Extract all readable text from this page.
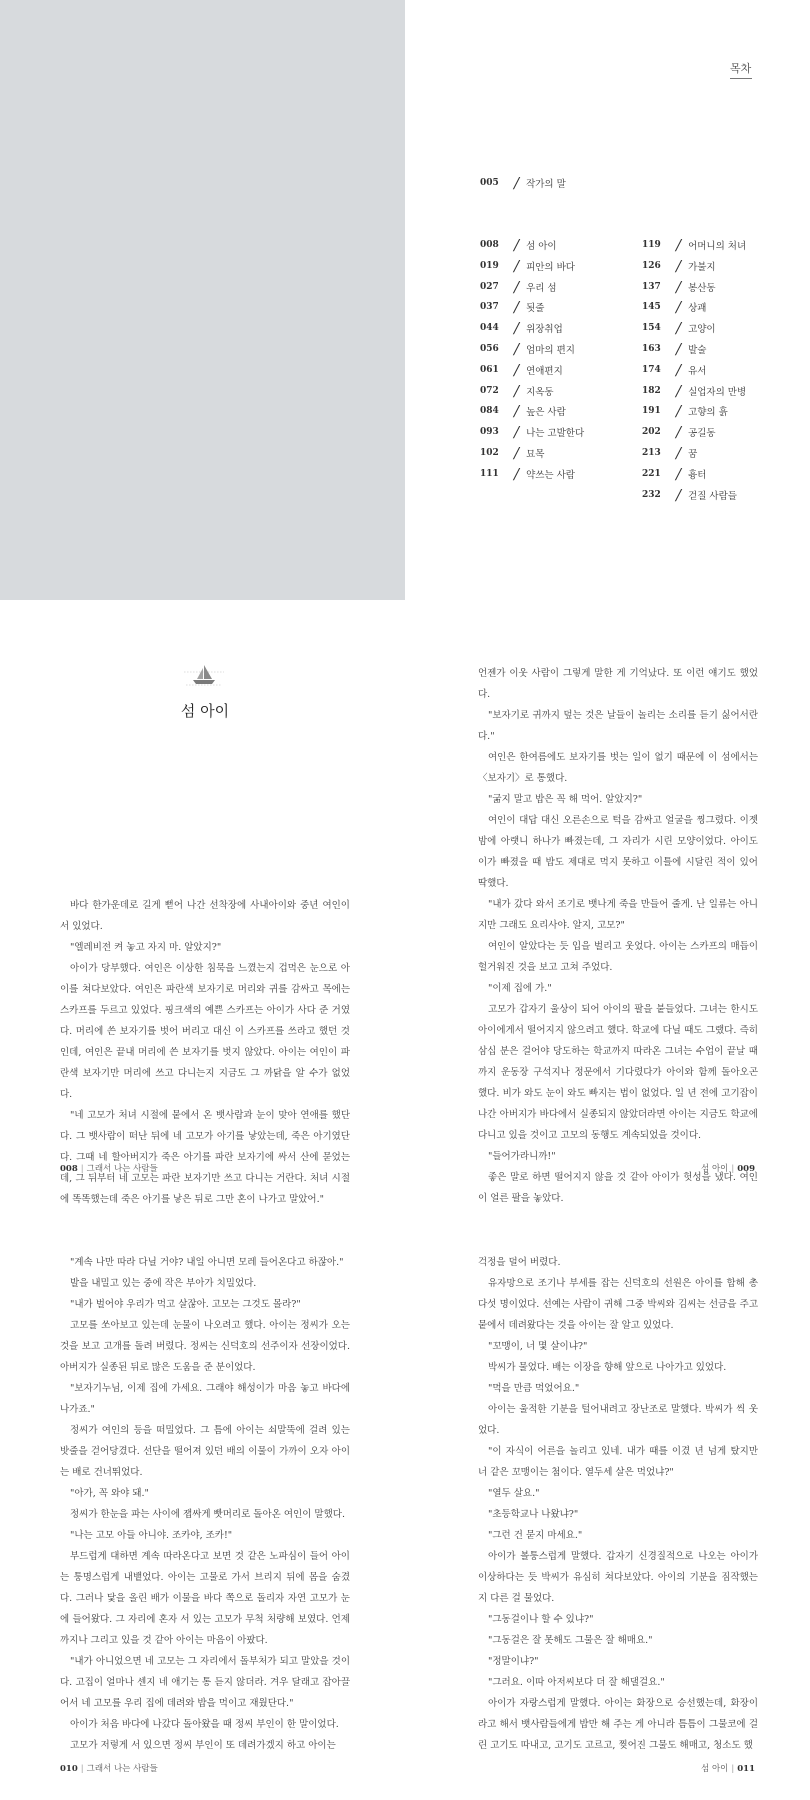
목차
005	/ 작가의 말
008	/ 섬 아이
019	/ 피안의 바다
027	/ 우리 섬
037	/ 됫줄
044	/ 위장취업
056	/ 엄마의 편지
061	/ 연애편지
072	/ 지옥동
084	/ 높은 사람
093	/ 나는 고발한다
102	/ 묘목
111	/ 약쓰는 사람
119	/ 어머니의 처녀
126	/ 가불지
137	/ 봉산동
145	/ 상괘
154	/ 고양이
163	/ 발술
174	/ 유서
182	/ 실업자의 만병
191	/ 고향의 흙
202	/ 공길동
213	/ 꿈
221	/ 흉터
232	/ 걷질 사람들
섬 아이

바다 한가운데로 길게 뻗어 나간 선착장에 사내아이와 중년 여인이 서 있었다.

"엘레비전 켜 놓고 자지 마. 알았지?"

아이가 당부했다. 여인은 이상한 침묵을 느꼈는지 겁먹은 눈으로 아이를 쳐다보았다. 여인은 파란색 보자기로 머리와 귀를 감싸고 목에는 스카프를 두르고 있었다. 핑크색의 예쁜 스카프는 아이가 사다 준 거였다. 머리에 쓴 보자기를 벗어 버리고 대신 이 스카프를 쓰라고 했던 것인데, 여인은 끝내 머리에 쓴 보자기를 벗지 않았다. 아이는 여인이 파란색 보자기만 머리에 쓰고 다니는지 지금도 그 까닭을 알 수가 없었다.

"네 고모가 처녀 시절에 뭍에서 온 뱃사람과 눈이 맞아 연애를 했단다. 그 뱃사람이 떠난 뒤에 네 고모가 아기를 낳았는데, 죽은 아기였단다. 그때 네 할아버지가 죽은 아기를 파란 보자기에 싸서 산에 묻었는데, 그 뒤부터 네 고모는 파란 보자기만 쓰고 다니는 거란다. 처녀 시절에 똑똑했는데 죽은 아기를 낳은 뒤로 그만 혼이 나가고 말았어."

008 | 그래서 나는 사람들

언젠가 이웃 사람이 그렇게 말한 게 기억났다. 또 이런 얘기도 했었다.

"보자기로 귀까지 덮는 것은 날들이 놀리는 소리를 듣기 싫어서란다."

여인은 한여름에도 보자기를 벗는 일이 없기 때문에 이 섬에서는 〈보자기〉로 통했다.

"굶지 말고 밥은 꼭 해 먹어. 알았지?"

여인이 대답 대신 오른손으로 턱을 감싸고 얼굴을 찡그렸다. 이젯밤에 아랫니 하나가 빠졌는데, 그 자리가 시린 모양이었다. 아이도 이가 빠졌을 때 밥도 제대로 먹지 못하고 이틀에 시달린 적이 있어 딱했다.

"내가 갔다 와서 조기로 뱃나게 죽을 만들어 줄게. 난 일류는 아니지만 그래도 요리사야. 알지, 고모?"

여인이 알았다는 듯 입을 벌리고 웃었다. 아이는 스카프의 매듭이 헐거워진 것을 보고 고쳐 주었다.

"이제 집에 가."

고모가 갑자기 울상이 되어 아이의 팔을 붙들었다. 그녀는 한시도 아이에게서 떨어지지 않으려고 했다. 학교에 다닐 때도 그랬다. 즉히 삼십 분은 걸어야 당도하는 학교까지 따라온 그녀는 수업이 끝날 때까지 운동장 구석지나 정문에서 기다렸다가 아이와 함께 돌아오곤 했다. 비가 와도 눈이 와도 빠지는 법이 없었다. 일 년 전에 고기잡이 나간 아버지가 바다에서 실종되지 않았더라면 아이는 지금도 학교에 다니고 있을 것이고 고모의 동행도 계속되었을 것이다.

"들어가라니까!"

좋은 말로 하면 떨어지지 않을 것 같아 아이가 헛성을 냈다. 여인이 얼른 팔을 놓았다.

섬 아이 | 009

"계속 나만 따라 다닐 거야? 내일 아니면 모레 들어온다고 하잖아."

발을 내밀고 있는 중에 작은 부아가 치밀었다.

"내가 벌어야 우리가 먹고 살잖아. 고모는 그것도 몰라?"

고모를 쏘아보고 있는데 눈물이 나오려고 했다. 아이는 정씨가 오는 것을 보고 고개를 돌려 버렸다. 정씨는 신덕호의 선주이자 선장이었다. 아버지가 실종된 뒤로 많은 도움을 준 분이었다.

"보자기누님, 이제 집에 가세요. 그래야 해성이가 마음 놓고 바다에 나가죠."

정씨가 여인의 등을 떠밀었다. 그 틈에 아이는 쇠말뚝에 걸려 있는 밧줄을 걷어당겼다. 선단을 떨어져 있던 배의 이물이 가까이 오자 아이는 배로 건너뛰었다.

"아가, 꼭 와야 돼."

정씨가 한눈을 파는 사이에 잽싸게 빳머리로 돌아온 여인이 말했다.

"나는 고모 아들 아니야. 조카야, 조카!"

부드럽게 대하면 계속 따라온다고 보면 것 같은 노파심이 들어 아이는 퉁명스럽게 내뱉었다. 아이는 고물로 가서 브리지 뒤에 몸을 숨겼다. 그러나 닻을 올린 배가 이물을 바다 쪽으로 돌리자 자연 고모가 눈에 들어왔다. 그 자리에 혼자 서 있는 고모가 무척 처량해 보였다. 언제까지나 그리고 있을 것 같아 아이는 마음이 아팠다.

"내가 아니었으면 네 고모는 그 자리에서 돌부처가 되고 말았을 것이다. 고집이 얼마나 센지 네 애기는 통 듣지 않더라. 겨우 달래고 잡아끌어서 네 고모를 우리 집에 데려와 밥을 먹이고 재웠단다."

아이가 처음 바다에 나갔다 돌아왔을 때 정씨 부인이 한 말이었다.

고모가 저렇게 서 있으면 정씨 부인이 또 데려가겠지 하고 아이는

010 | 그래서 나는 사람들

걱정을 덜어 버렸다.

유자망으로 조기나 부세를 잡는 신덕호의 선원은 아이를 합해 총 다섯 명이었다. 선예는 사람이 귀해 그중 박씨와 김씨는 선금을 주고 뭍에서 데려왔다는 것을 아이는 잘 알고 있었다.

"꼬맹이, 너 몇 살이냐?"

박씨가 물었다. 배는 이장을 향해 앞으로 나아가고 있었다.

"먹을 만큼 먹었어요."

아이는 울적한 기분을 털어내려고 장난조로 말했다. 박씨가 씩 웃었다.

"이 자식이 어른을 놀리고 있네. 내가 때를 이겼 년 넘게 탔지만 너 같은 꼬맹이는 첨이다. 열두세 살은 먹었냐?"

"열두 살요."

"초등학교나 나왔냐?"

"그런 건 묻지 마세요."

아이가 볼퉁스럽게 말했다. 갑자기 신경질적으로 나오는 아이가 이상하다는 듯 박씨가 유심히 쳐다보았다. 아이의 기분을 짐작했는지 다른 걸 물었다.

"그동걸이나 할 수 있냐?"

"그동걸은 잘 못해도 그물은 잘 해매요."

"정말이냐?"

"그러요. 이따 아저씨보다 더 잘 해댈걸요."

아이가 자랑스럽게 말했다. 아이는 화장으로 승선했는데, 화장이라고 해서 뱃사람들에게 밥만 해 주는 게 아니라 틈틈이 그물코에 걸린 고기도 따내고, 고기도 고르고, 찢어진 그물도 해매고, 청소도 했

섬 아이 | 011
